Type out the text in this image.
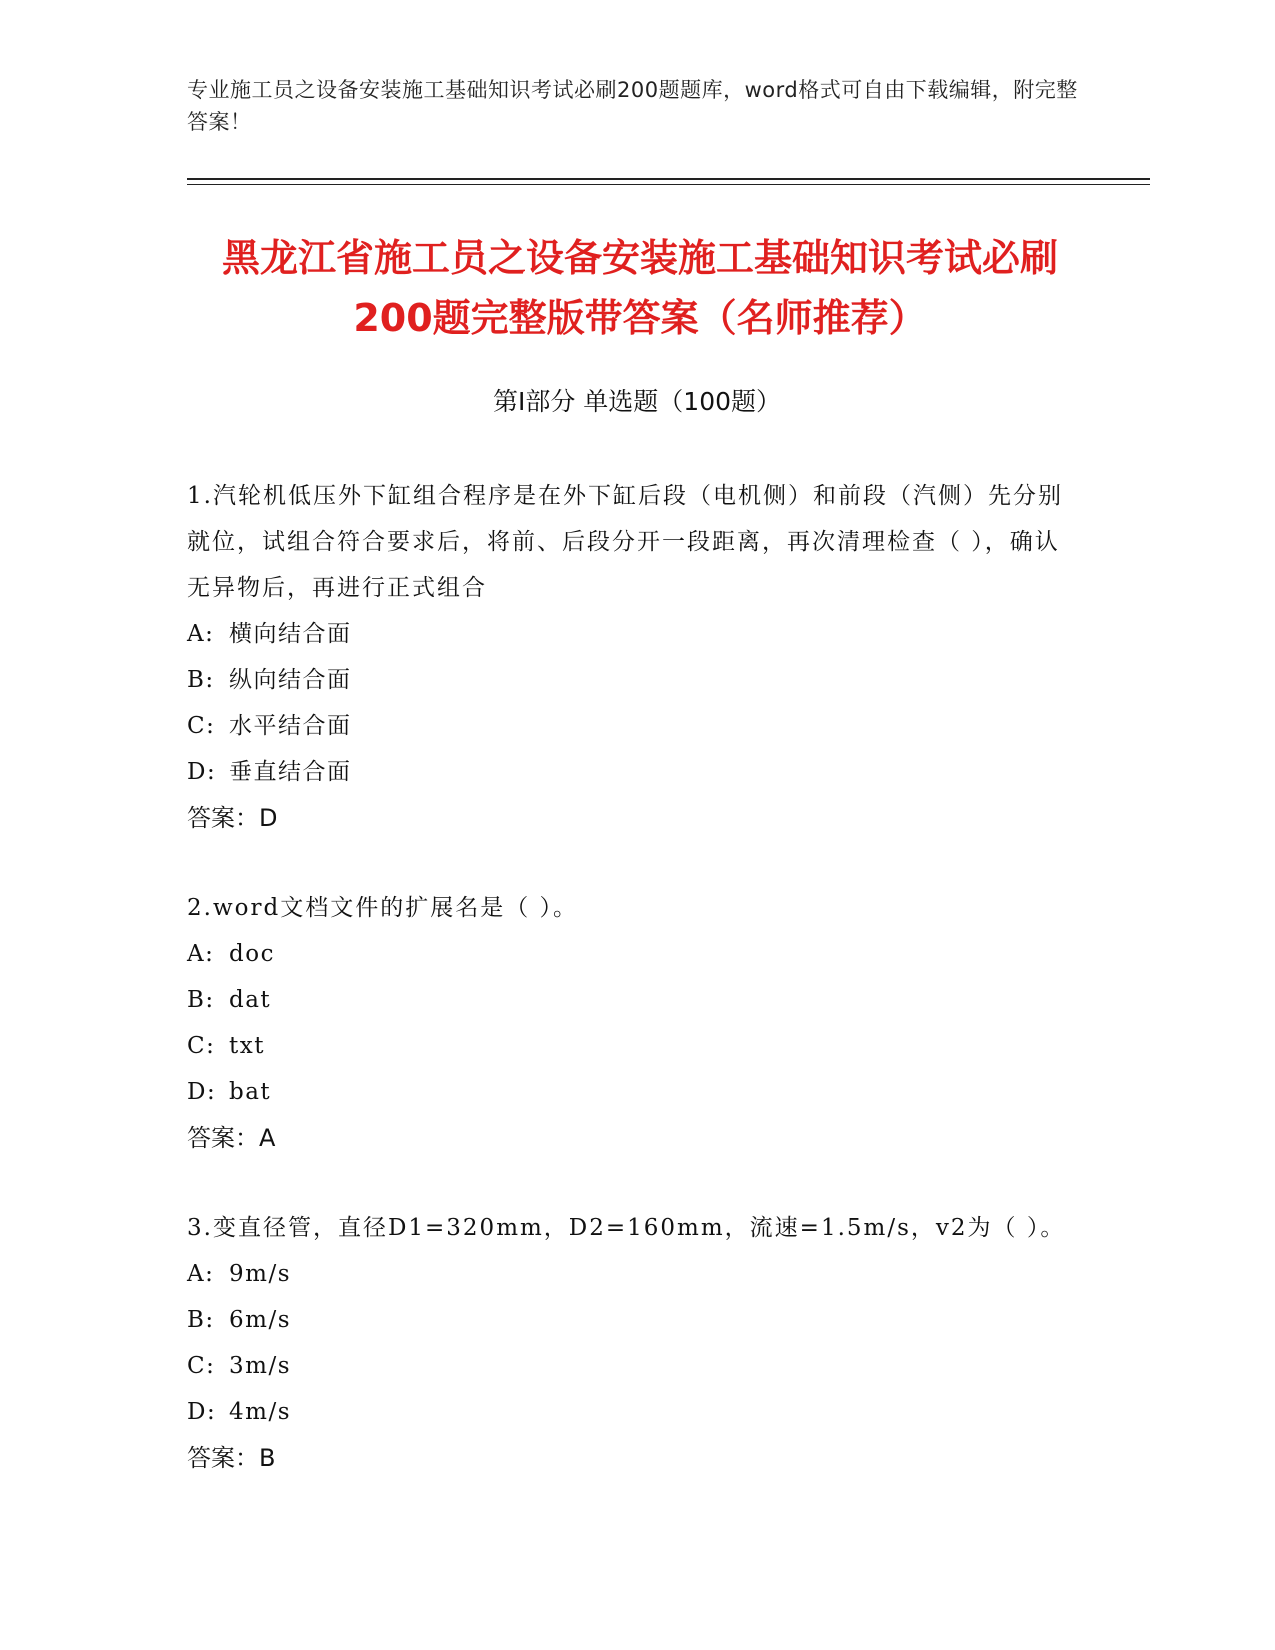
专业施工员之设备安装施工基础知识考试必刷200题题库，word格式可自由下载编辑，附完整答案！
黑龙江省施工员之设备安装施工基础知识考试必刷200题完整版带答案（名师推荐）
第I部分 单选题（100题）
1.汽轮机低压外下缸组合程序是在外下缸后段（电机侧）和前段（汽侧）先分别就位，试组合符合要求后，将前、后段分开一段距离，再次清理检查（ ），确认无异物后，再进行正式组合
A: 横向结合面
B: 纵向结合面
C: 水平结合面
D: 垂直结合面
答案：D
2.word文档文件的扩展名是（ ）。
A: doc
B: dat
C: txt
D: bat
答案：A
3.变直径管，直径D1=320mm，D2=160mm，流速=1.5m/s，v2为（ ）。
A: 9m/s
B: 6m/s
C: 3m/s
D: 4m/s
答案：B
